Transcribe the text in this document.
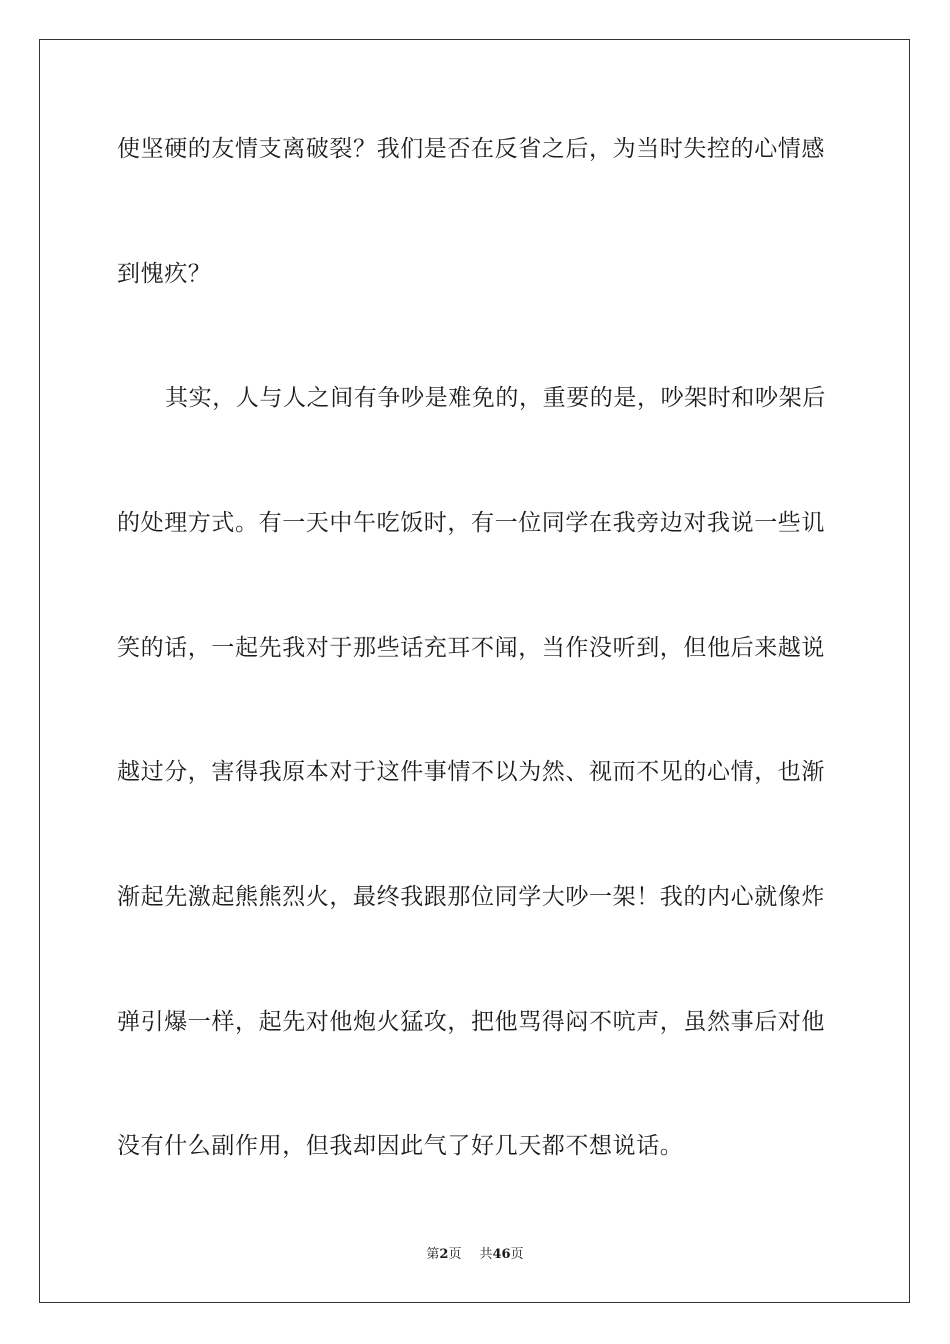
使坚硬的友情支离破裂？我们是否在反省之后，为当时失控的心情感
到愧疚？
其实，人与人之间有争吵是难免的，重要的是，吵架时和吵架后
的处理方式。有一天中午吃饭时，有一位同学在我旁边对我说一些讥
笑的话，一起先我对于那些话充耳不闻，当作没听到，但他后来越说
越过分，害得我原本对于这件事情不以为然、视而不见的心情，也渐
渐起先激起熊熊烈火，最终我跟那位同学大吵一架！我的内心就像炸
弹引爆一样，起先对他炮火猛攻，把他骂得闷不吭声，虽然事后对他
没有什么副作用，但我却因此气了好几天都不想说话。
第2页 共46页
